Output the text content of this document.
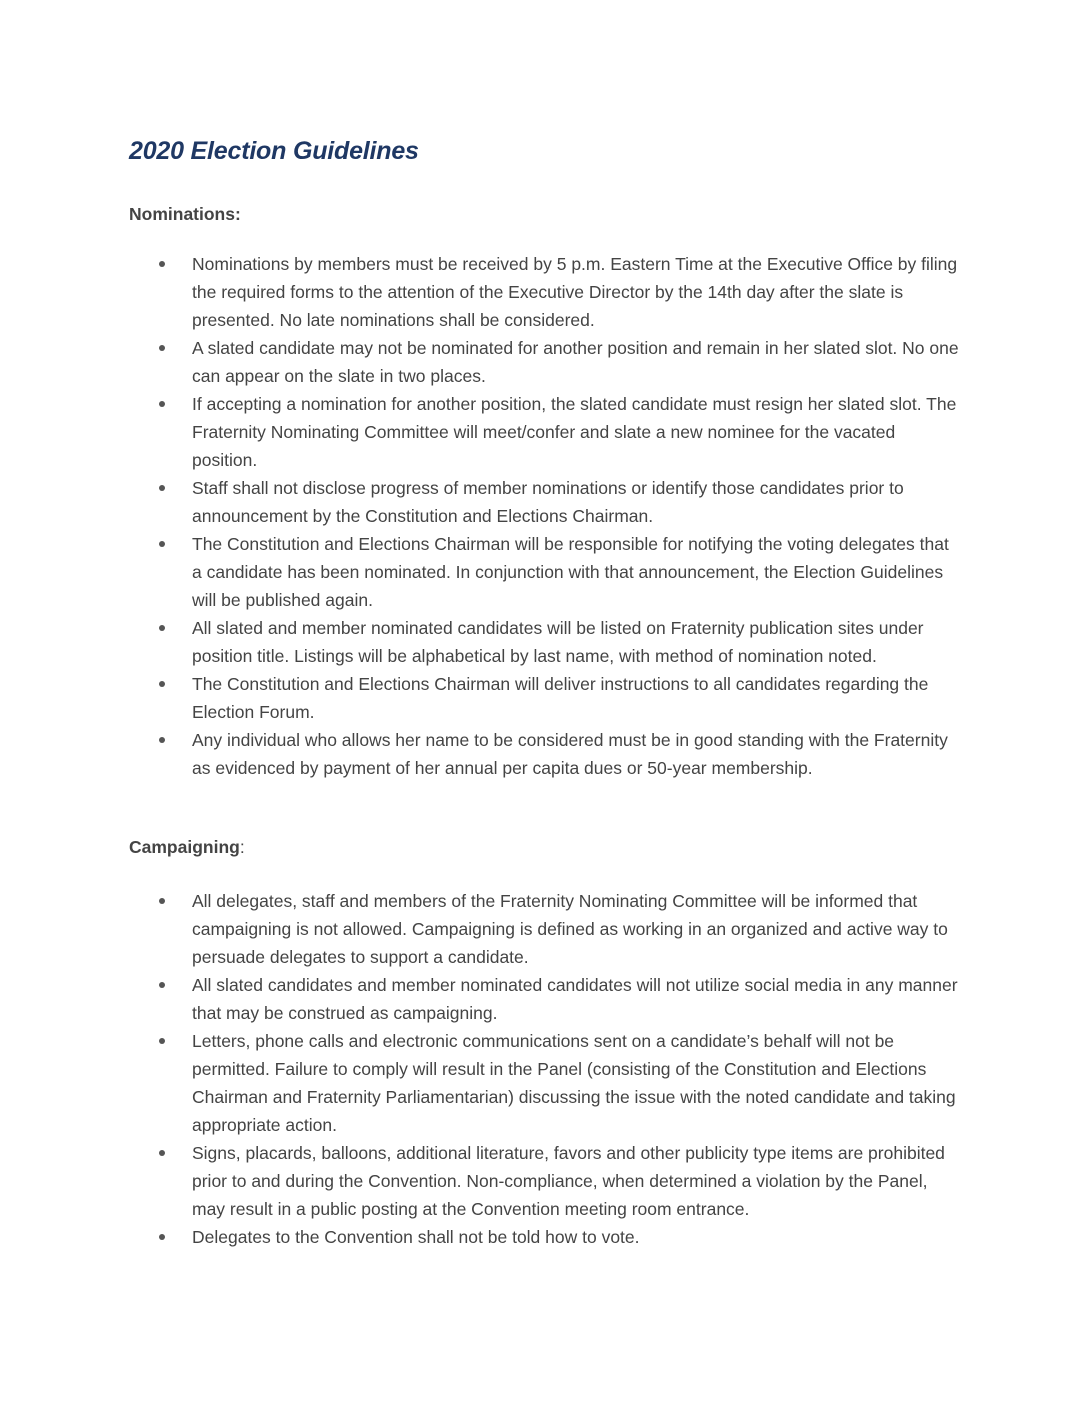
2020 Election Guidelines
Nominations:
Nominations by members must be received by 5 p.m. Eastern Time at the Executive Office by filing the required forms to the attention of the Executive Director by the 14th day after the slate is presented. No late nominations shall be considered.
A slated candidate may not be nominated for another position and remain in her slated slot. No one can appear on the slate in two places.
If accepting a nomination for another position, the slated candidate must resign her slated slot. The Fraternity Nominating Committee will meet/confer and slate a new nominee for the vacated position.
Staff shall not disclose progress of member nominations or identify those candidates prior to announcement by the Constitution and Elections Chairman.
The Constitution and Elections Chairman will be responsible for notifying the voting delegates that a candidate has been nominated. In conjunction with that announcement, the Election Guidelines will be published again.
All slated and member nominated candidates will be listed on Fraternity publication sites under position title. Listings will be alphabetical by last name, with method of nomination noted.
The Constitution and Elections Chairman will deliver instructions to all candidates regarding the Election Forum.
Any individual who allows her name to be considered must be in good standing with the Fraternity as evidenced by payment of her annual per capita dues or 50-year membership.
Campaigning:
All delegates, staff and members of the Fraternity Nominating Committee will be informed that campaigning is not allowed. Campaigning is defined as working in an organized and active way to persuade delegates to support a candidate.
All slated candidates and member nominated candidates will not utilize social media in any manner that may be construed as campaigning.
Letters, phone calls and electronic communications sent on a candidate’s behalf will not be permitted. Failure to comply will result in the Panel (consisting of the Constitution and Elections Chairman and Fraternity Parliamentarian) discussing the issue with the noted candidate and taking appropriate action.
Signs, placards, balloons, additional literature, favors and other publicity type items are prohibited prior to and during the Convention. Non-compliance, when determined a violation by the Panel, may result in a public posting at the Convention meeting room entrance.
Delegates to the Convention shall not be told how to vote.
